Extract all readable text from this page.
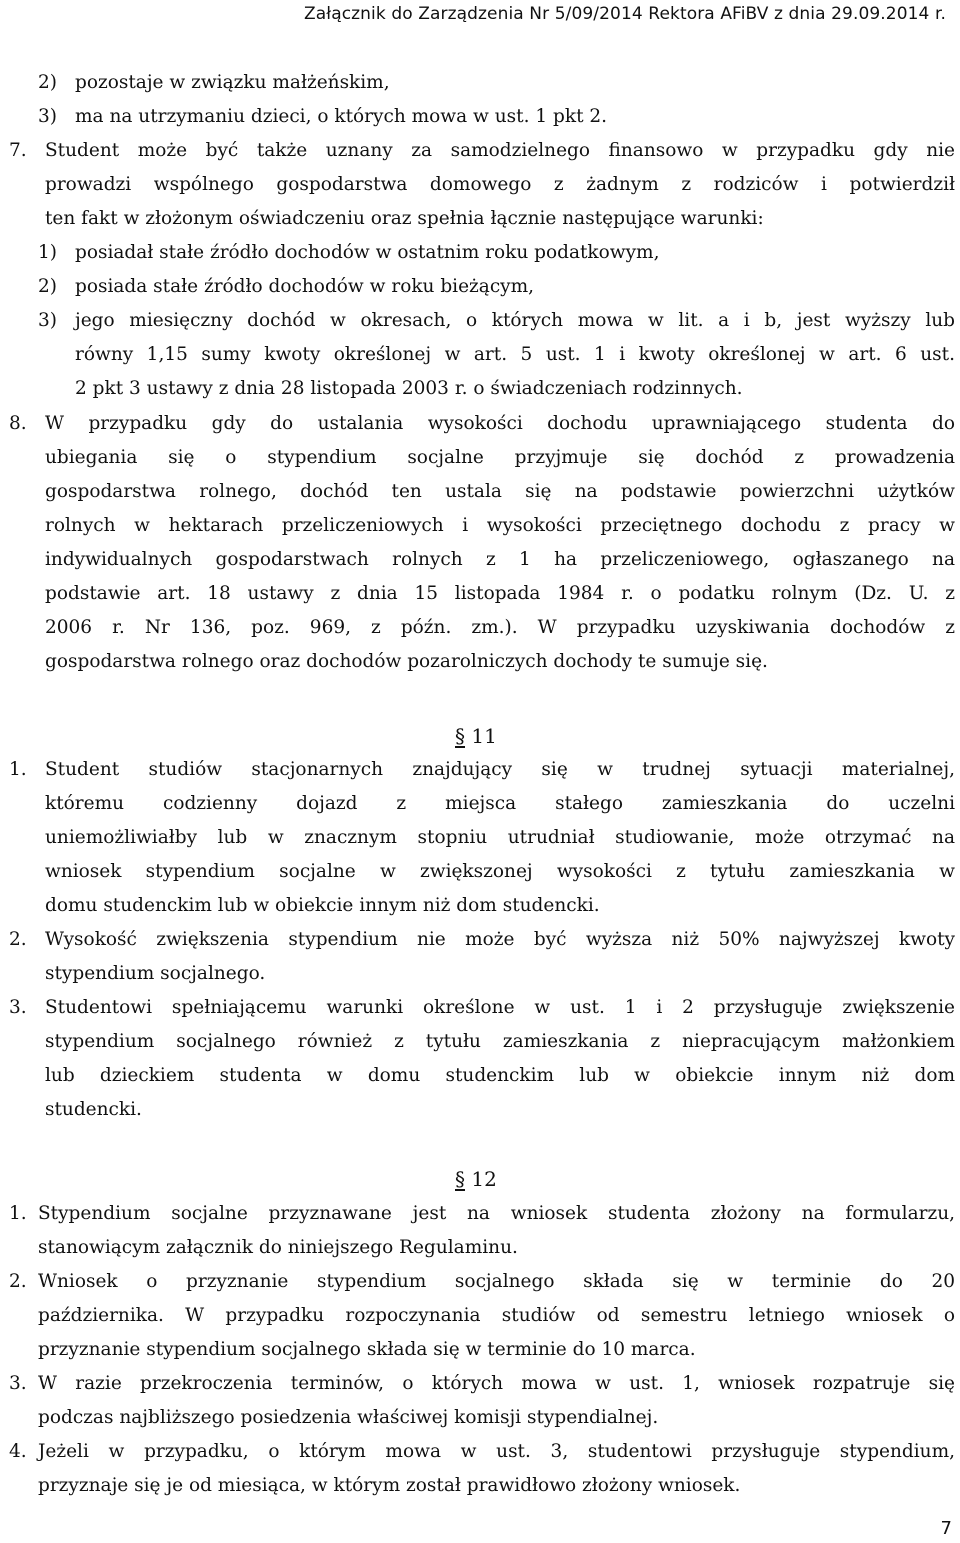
Załącznik do Zarządzenia Nr 5/09/2014 Rektora AFiBV z dnia 29.09.2014 r.
2) pozostaje w związku małżeńskim,
3) ma na utrzymaniu dzieci, o których mowa w ust. 1 pkt 2.
7. Student może być także uznany za samodzielnego finansowo w przypadku gdy nie
prowadzi wspólnego gospodarstwa domowego z żadnym z rodziców i potwierdził
ten fakt w złożonym oświadczeniu oraz spełnia łącznie następujące warunki:
1) posiadał stałe źródło dochodów w ostatnim roku podatkowym,
2) posiada stałe źródło dochodów w roku bieżącym,
3) jego miesięczny dochód w okresach, o których mowa w lit. a i b, jest wyższy lub
równy 1,15 sumy kwoty określonej w art. 5 ust. 1 i kwoty określonej w art. 6 ust.
2 pkt 3 ustawy z dnia 28 listopada 2003 r. o świadczeniach rodzinnych.
8. W przypadku gdy do ustalania wysokości dochodu uprawniającego studenta do
ubiegania się o stypendium socjalne przyjmuje się dochód z prowadzenia
gospodarstwa rolnego, dochód ten ustala się na podstawie powierzchni użytków
rolnych w hektarach przeliczeniowych i wysokości przeciętnego dochodu z pracy w
indywidualnych gospodarstwach rolnych z 1 ha przeliczeniowego, ogłaszanego na
podstawie art. 18 ustawy z dnia 15 listopada 1984 r. o podatku rolnym (Dz. U. z
2006 r. Nr 136, poz. 969, z późn. zm.). W przypadku uzyskiwania dochodów z
gospodarstwa rolnego oraz dochodów pozarolniczych dochody te sumuje się.
1. Student studiów stacjonarnych znajdujący się w trudnej sytuacji materialnej,
któremu codzienny dojazd z miejsca stałego zamieszkania do uczelni
uniemożliwiałby lub w znacznym stopniu utrudniał studiowanie, może otrzymać na
wniosek stypendium socjalne w zwiększonej wysokości z tytułu zamieszkania w
domu studenckim lub w obiekcie innym niż dom studencki.
2. Wysokość zwiększenia stypendium nie może być wyższa niż 50% najwyższej kwoty
stypendium socjalnego.
3. Studentowi spełniającemu warunki określone w ust. 1 i 2 przysługuje zwiększenie
stypendium socjalnego również z tytułu zamieszkania z niepracującym małżonkiem
lub dzieckiem studenta w domu studenckim lub w obiekcie innym niż dom
studencki.
1. Stypendium socjalne przyznawane jest na wniosek studenta złożony na formularzu,
stanowiącym załącznik do niniejszego Regulaminu.
2. Wniosek o przyznanie stypendium socjalnego składa się w terminie do 20
października. W przypadku rozpoczynania studiów od semestru letniego wniosek o
przyznanie stypendium socjalnego składa się w terminie do 10 marca.
3. W razie przekroczenia terminów, o których mowa w ust. 1, wniosek rozpatruje się
podczas najbliższego posiedzenia właściwej komisji stypendialnej.
4. Jeżeli w przypadku, o którym mowa w ust. 3, studentowi przysługuje stypendium,
przyznaje się je od miesiąca, w którym został prawidłowo złożony wniosek.
§ 11
§ 12
7
